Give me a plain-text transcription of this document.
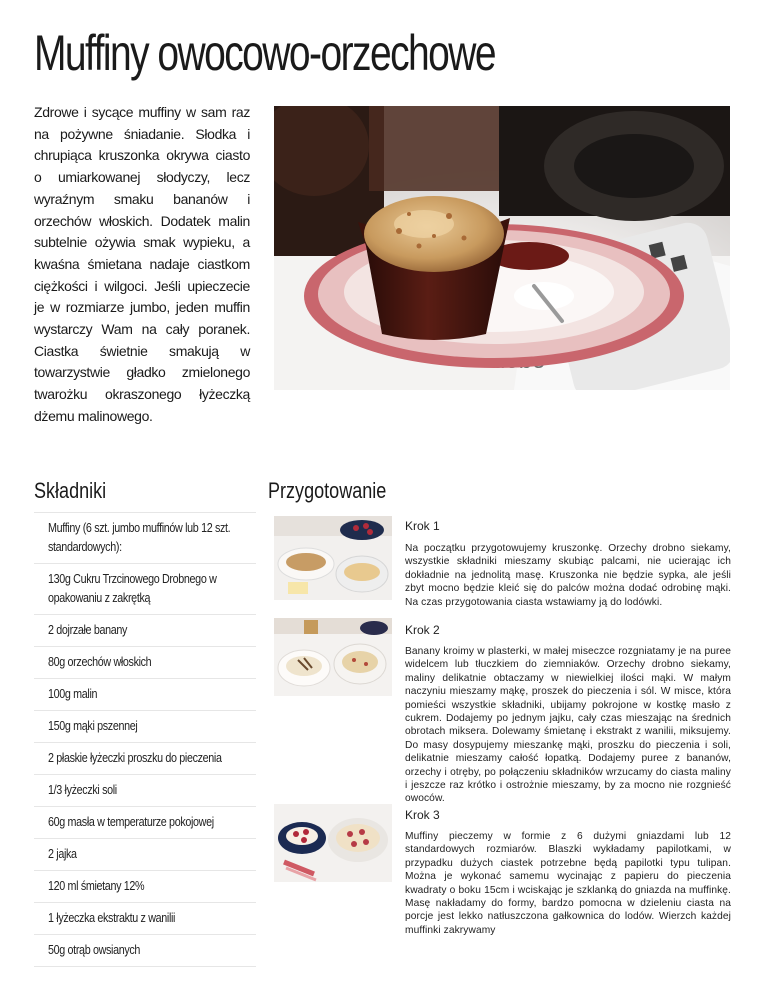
Muffiny owocowo-orzechowe

Zdrowe i sycące muffiny w sam raz na pożywne śniadanie. Słodka i chrupiąca kruszonka okrywa ciasto o umiarkowanej słodyczy, lecz wyraźnym smaku bananów i orzechów włoskich. Dodatek malin subtelnie ożywia smak wypieku, a kwaśna śmietana nadaje ciastkom ciężkości i wilgoci. Jeśli upieczecie je w rozmiarze jumbo, jeden muffin wystarczy Wam na cały poranek. Ciastka świetnie smakują w towarzystwie gładko zmielonego twarożku okraszonego łyżeczką dżemu malinowego.

Składniki	Przygotowanie
Muffiny (6 szt. jumbo muffinów lub 12 szt. standardowych):
130g Cukru Trzcinowego Drobnego w opakowaniu z zakrętką
2 dojrzałe banany
80g orzechów włoskich
100g malin
150g mąki pszennej
2 płaskie łyżeczki proszku do pieczenia
1/3 łyżeczki soli
60g masła w temperaturze pokojowej
2 jajka
120 ml śmietany 12%
1 łyżeczka ekstraktu z wanilii
50g otrąb owsianych
Krok 1

Na początku przygotowujemy kruszonkę. Orzechy drobno siekamy, wszystkie składniki mieszamy skubiąc palcami, nie ucierając ich dokładnie na jednolitą masę. Kruszonka nie będzie sypka, ale jeśli zbyt mocno będzie kleić się do palców można dodać odrobinę mąki. Na czas przygotowania ciasta wstawiamy ją do lodówki.

Krok 2

Banany kroimy w plasterki, w małej miseczce rozgniatamy je na puree widelcem lub tłuczkiem do ziemniaków. Orzechy drobno siekamy, maliny delikatnie obtaczamy w niewielkiej ilości mąki. W małym naczyniu mieszamy mąkę, proszek do pieczenia i sól. W misce, która pomieści wszystkie składniki, ubijamy pokrojone w kostkę masło z cukrem. Dodajemy po jednym jajku, cały czas mieszając na średnich obrotach miksera. Dolewamy śmietanę i ekstrakt z wanilii, miksujemy. Do masy dosypujemy mieszankę mąki, proszku do pieczenia i soli, delikatnie mieszamy całość łopatką. Dodajemy puree z bananów, orzechy i otręby, po połączeniu składników wrzucamy do ciasta maliny i jeszcze raz krótko i ostrożnie mieszamy, by za mocno nie rozgnieść owoców.

Krok 3

Muffiny pieczemy w formie z 6 dużymi gniazdami lub 12 standardowych rozmiarów. Blaszki wykładamy papilotkami, w przypadku dużych ciastek potrzebne będą papilotki typu tulipan. Można je wykonać samemu wycinając z papieru do pieczenia kwadraty o boku 15cm i wciskając je szklanką do gniazda na muffinkę. Masę nakładamy do formy, bardzo pomocna w dzieleniu ciasta na porcje jest lekko natłuszczona gałkownica do lodów. Wierzch każdej muffinki zakrywamy
